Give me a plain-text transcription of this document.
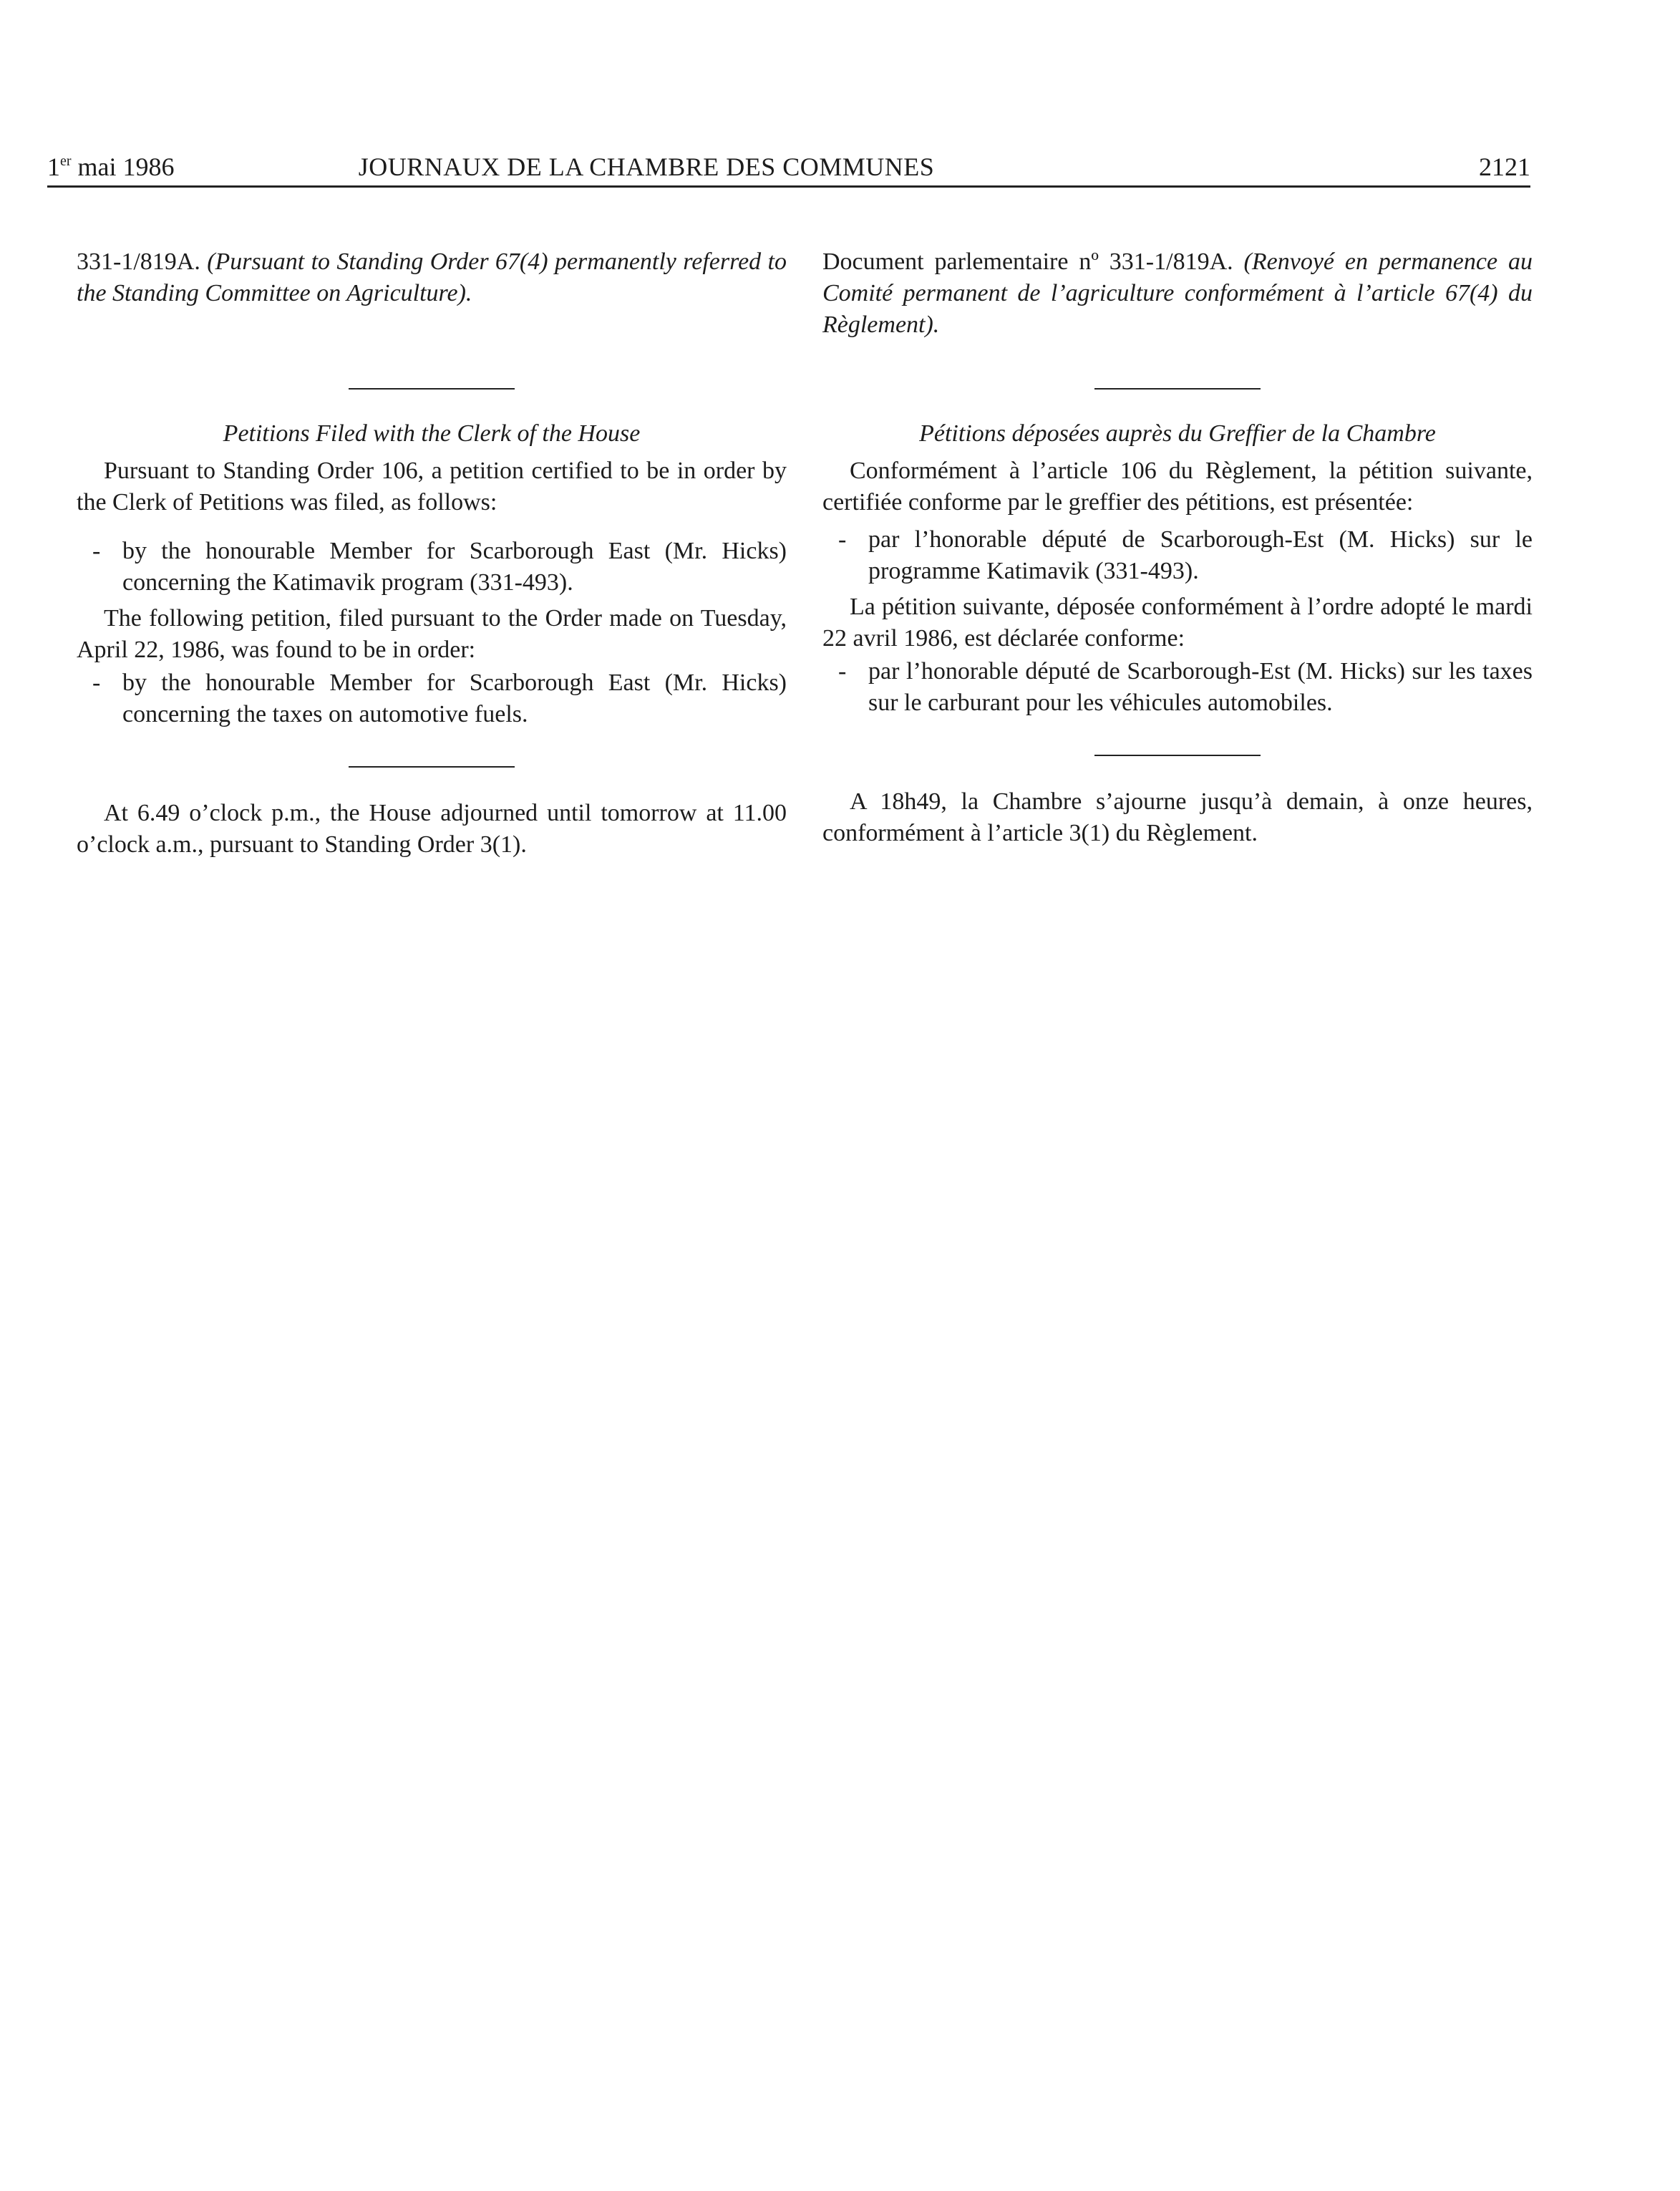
1er mai 1986	JOURNAUX DE LA CHAMBRE DES COMMUNES	2121

331-1/819A. (Pursuant to Standing Order 67(4) permanently referred to the Standing Committee on Agriculture).

Petitions Filed with the Clerk of the House

Pursuant to Standing Order 106, a petition certified to be in order by the Clerk of Petitions was filed, as follows:

- by the honourable Member for Scarborough East (Mr. Hicks) concerning the Katimavik program (331-493).

The following petition, filed pursuant to the Order made on Tuesday, April 22, 1986, was found to be in order:

- by the honourable Member for Scarborough East (Mr. Hicks) concerning the taxes on automotive fuels.

At 6.49 o’clock p.m., the House adjourned until tomorrow at 11.00 o’clock a.m., pursuant to Standing Order 3(1).

Document parlementaire nº 331-1/819A. (Renvoyé en permanence au Comité permanent de l’agriculture conformément à l’article 67(4) du Règlement).

Pétitions déposées auprès du Greffier de la Chambre

Conformément à l’article 106 du Règlement, la pétition suivante, certifiée conforme par le greffier des pétitions, est présentée:

- par l’honorable député de Scarborough-Est (M. Hicks) sur le programme Katimavik (331-493).

La pétition suivante, déposée conformément à l’ordre adopté le mardi 22 avril 1986, est déclarée conforme:

- par l’honorable député de Scarborough-Est (M. Hicks) sur les taxes sur le carburant pour les véhicules automobiles.

A 18h49, la Chambre s’ajourne jusqu’à demain, à onze heures, conformément à l’article 3(1) du Règlement.
